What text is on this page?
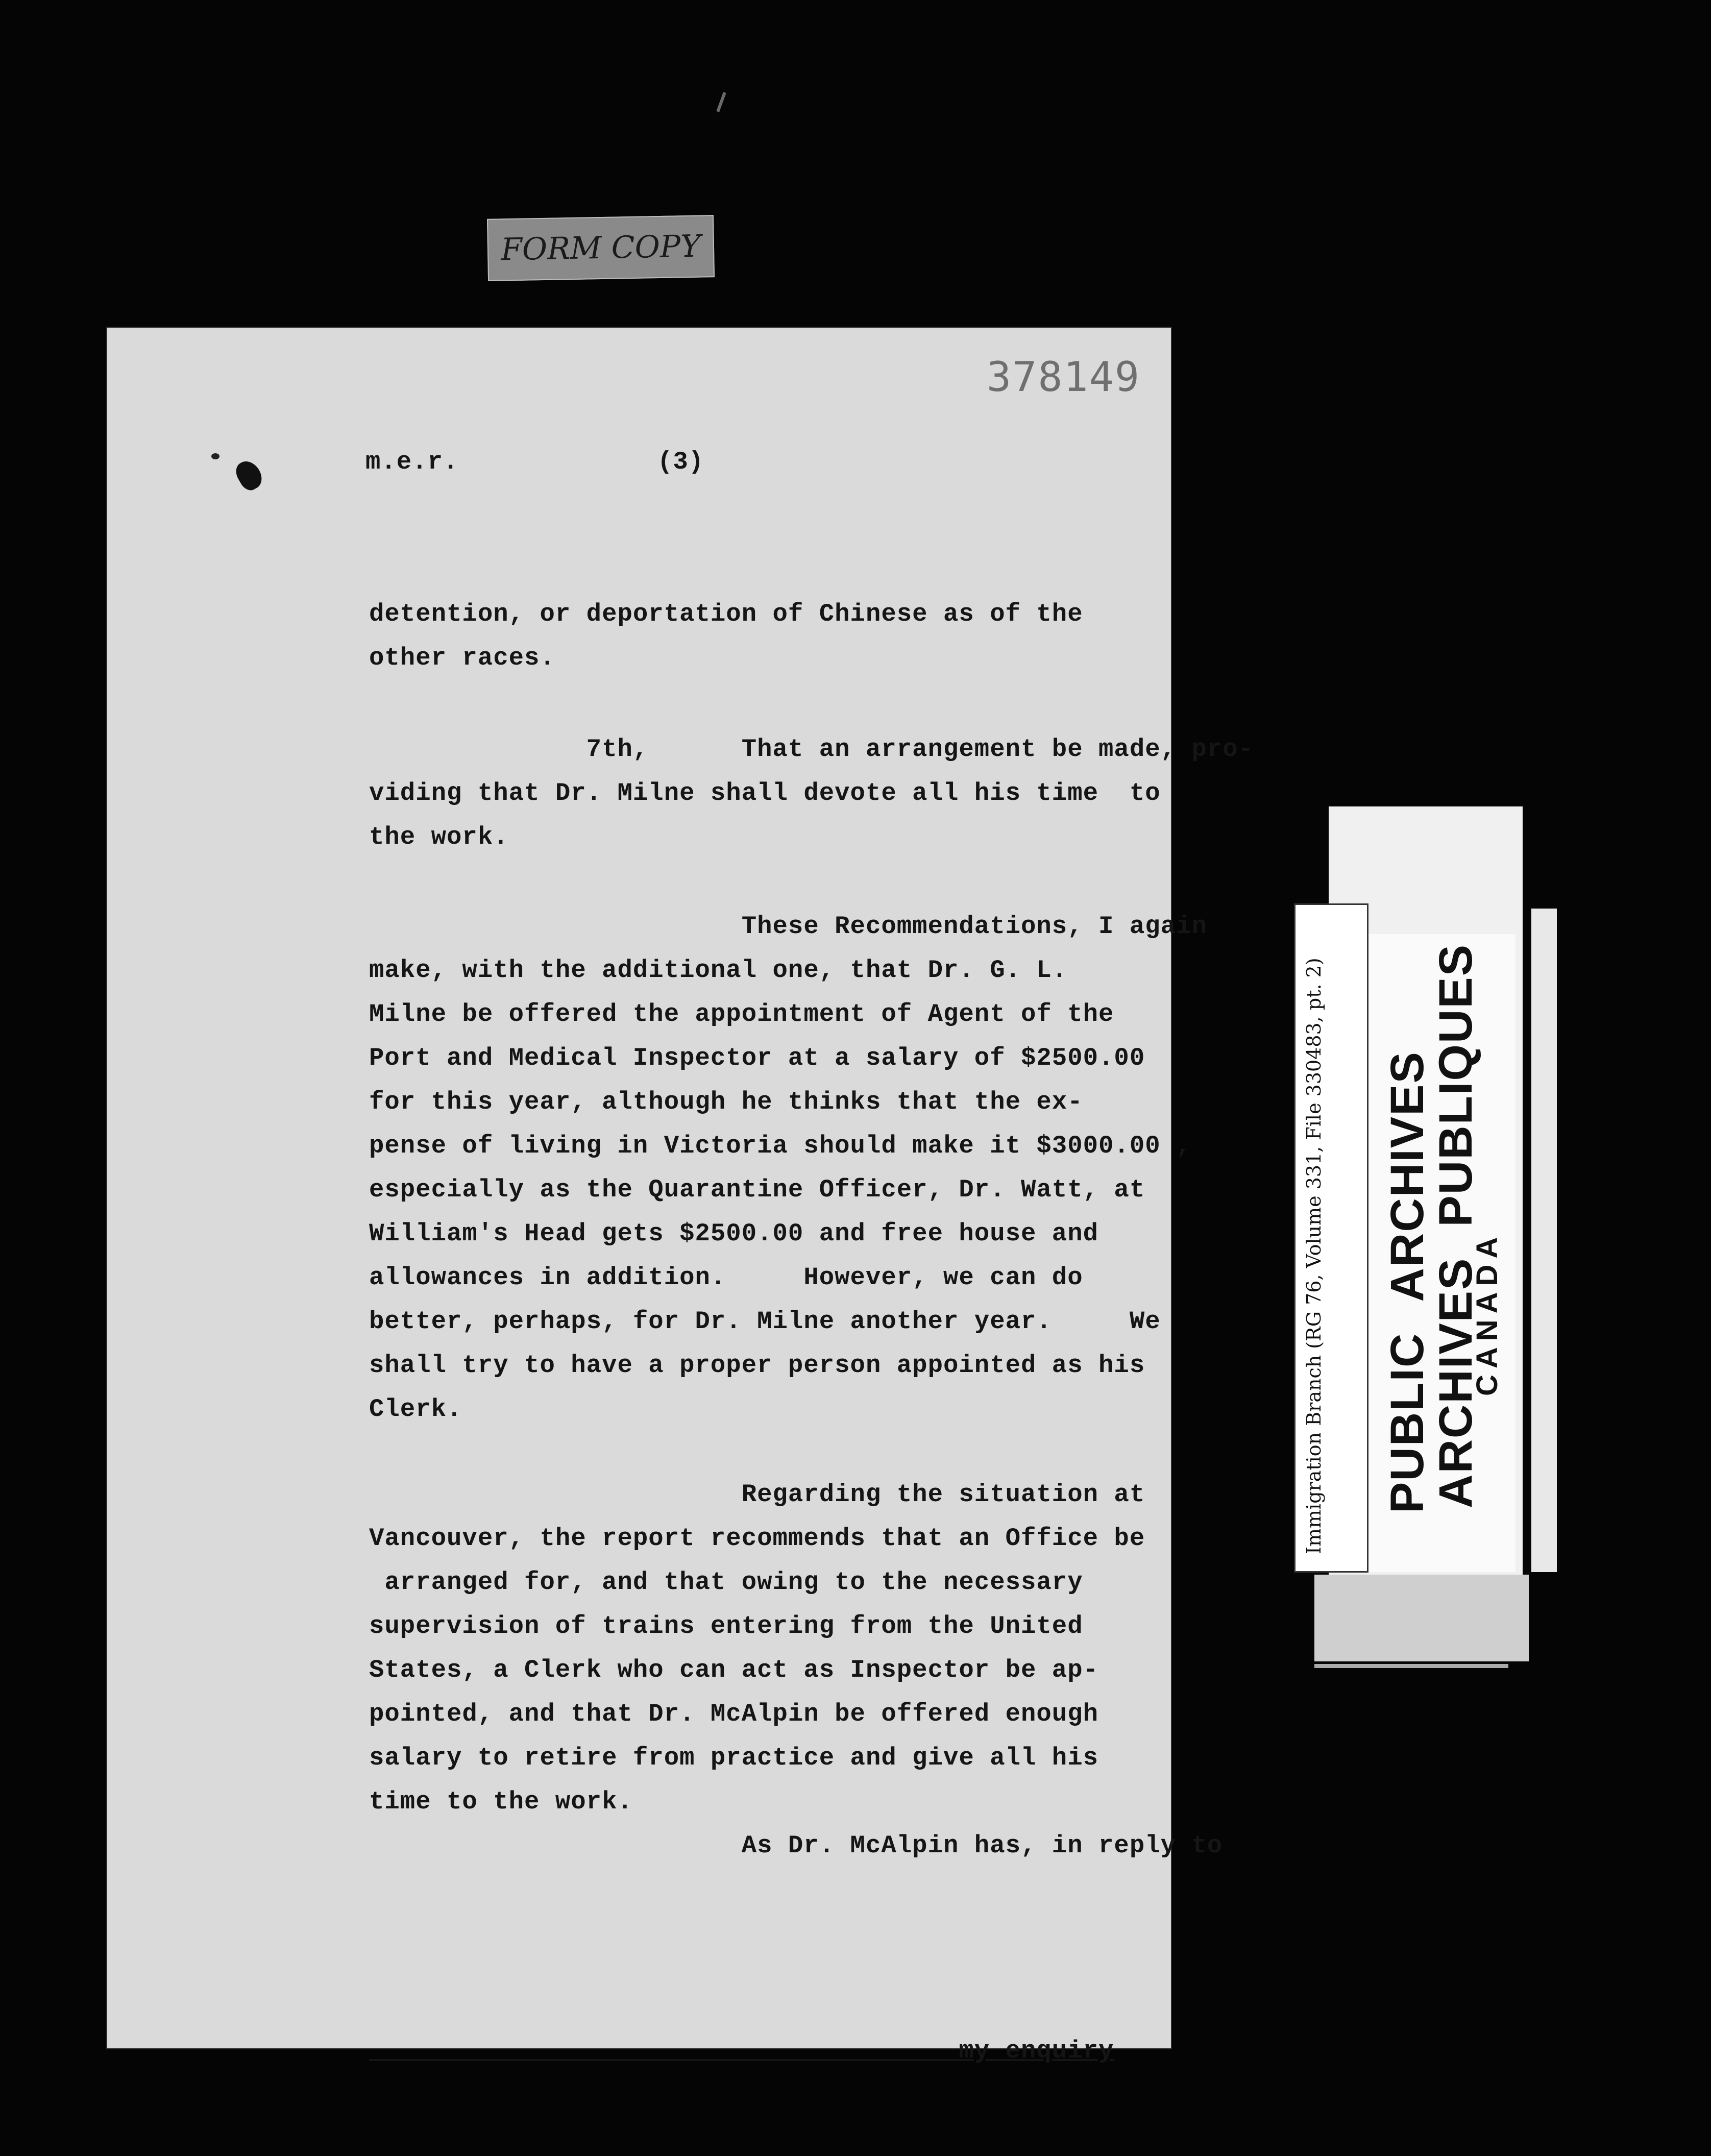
FORM COPY
378149
m.e.r.	(3)
detention, or deportation of Chinese as of the
other races.
7th,      That an arrangement be made, pro-
viding that Dr. Milne shall devote all his time  to
the work.
These Recommendations, I again
make, with the additional one, that Dr. G. L.
Milne be offered the appointment of Agent of the
Port and Medical Inspector at a salary of $2500.00
for this year, although he thinks that the ex-
pense of living in Victoria should make it $3000.00 ,
especially as the Quarantine Officer, Dr. Watt, at
William's Head gets $2500.00 and free house and
allowances in addition.     However, we can do
better, perhaps, for Dr. Milne another year.     We
shall try to have a proper person appointed as his
Clerk.
Regarding the situation at
Vancouver, the report recommends that an Office be
arranged for, and that owing to the necessary
supervision of trains entering from the United
States, a Clerk who can act as Inspector be ap-
pointed, and that Dr. McAlpin be offered enough
salary to retire from practice and give all his
time to the work.
As Dr. McAlpin has, in reply to
my enquiry
Immigration Branch (RG 76, Volume 331, File 330483, pt. 2) PUBLICARCHIVES
ARCHIVESPUBLIQUES
CANADA
